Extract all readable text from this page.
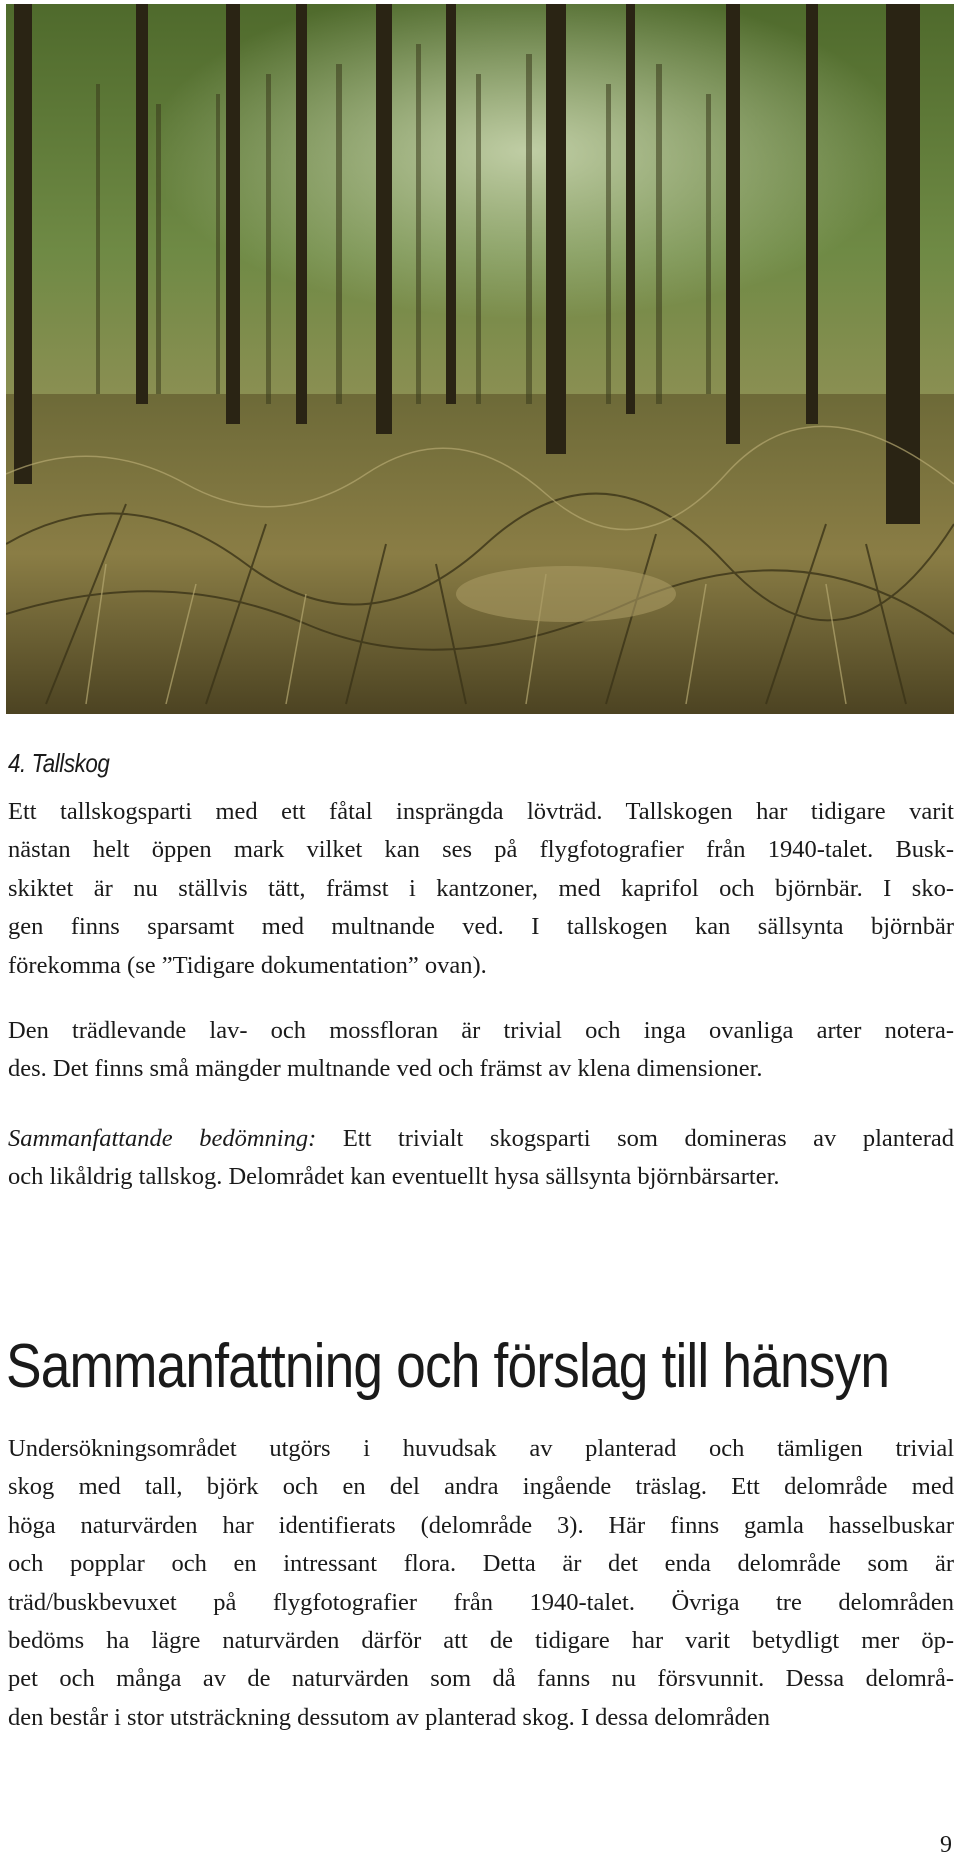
4. Tallskog
Ett tallskogsparti med ett fåtal insprängda lövträd. Tallskogen har tidigare varit
nästan helt öppen mark vilket kan ses på flygfotografier från 1940-talet. Busk-
skiktet är nu ställvis tätt, främst i kantzoner, med kaprifol och björnbär. I sko-
gen finns sparsamt med multnande ved. I tallskogen kan sällsynta björnbär
förekomma (se ”Tidigare dokumentation” ovan).
Den trädlevande lav- och mossfloran är trivial och inga ovanliga arter notera-
des. Det finns små mängder multnande ved och främst av klena dimensioner.
Sammanfattande bedömning: Ett trivialt skogsparti som domineras av planterad
och likåldrig tallskog. Delområdet kan eventuellt hysa sällsynta björnbärsarter.
Sammanfattning och förslag till hänsyn
Undersökningsområdet utgörs i huvudsak av planterad och tämligen trivial
skog med tall, björk och en del andra ingående träslag. Ett delområde med
höga naturvärden har identifierats (delområde 3). Här finns gamla hasselbuskar
och popplar och en intressant flora. Detta är det enda delområde som är
träd/buskbevuxet på flygfotografier från 1940-talet. Övriga tre delområden
bedöms ha lägre naturvärden därför att de tidigare har varit betydligt mer öp-
pet och många av de naturvärden som då fanns nu försvunnit. Dessa delområ-
den består i stor utsträckning dessutom av planterad skog. I dessa delområden
9
